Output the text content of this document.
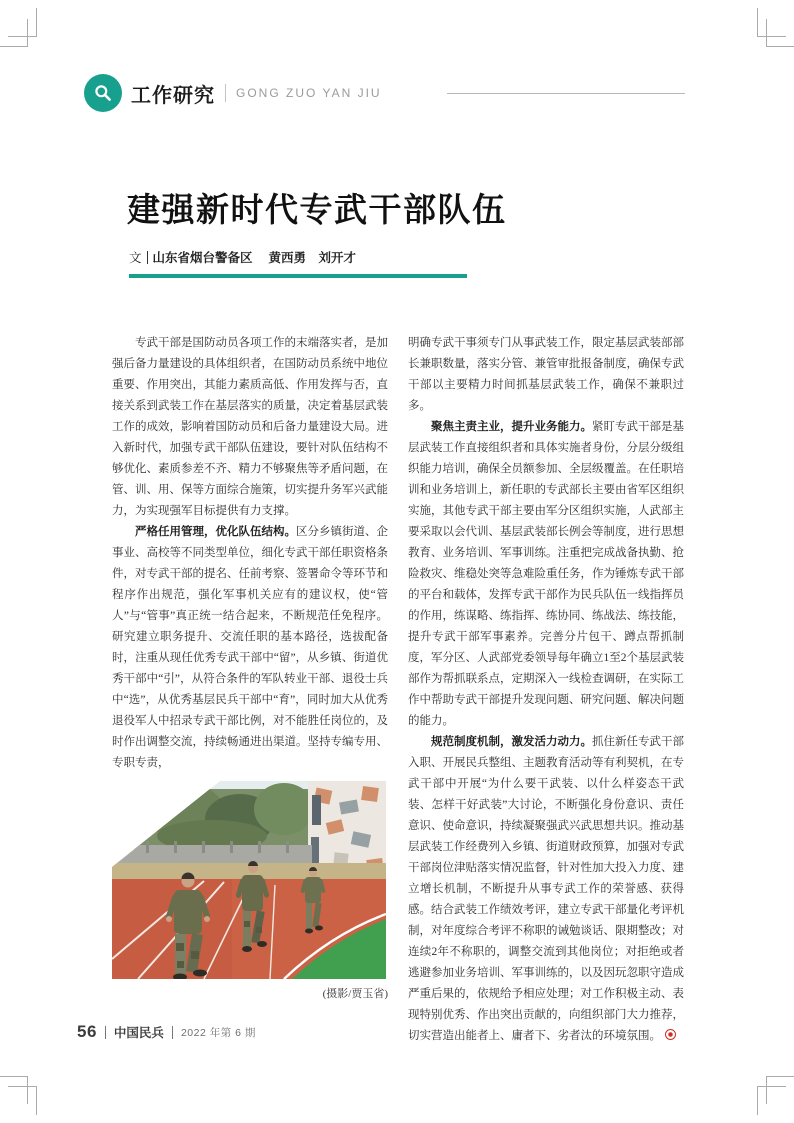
工作研究 GONG ZUO YAN JIU
建强新时代专武干部队伍
文 山东省烟台警备区 黄西勇　刘开才

专武干部是国防动员各项工作的末端落实者，是加强后备力量建设的具体组织者，在国防动员系统中地位重要、作用突出，其能力素质高低、作用发挥与否，直接关系到武装工作在基层落实的质量，决定着基层武装工作的成效，影响着国防动员和后备力量建设大局。进入新时代，加强专武干部队伍建设，要针对队伍结构不够优化、素质参差不齐、精力不够聚焦等矛盾问题，在管、训、用、保等方面综合施策，切实提升务军兴武能力，为实现强军目标提供有力支撑。

严格任用管理，优化队伍结构。区分乡镇街道、企事业、高校等不同类型单位，细化专武干部任职资格条件，对专武干部的提名、任前考察、签署命令等环节和程序作出规范，强化军事机关应有的建议权，使“管人”与“管事”真正统一结合起来，不断规范任免程序。研究建立职务提升、交流任职的基本路径，选拔配备时，注重从现任优秀专武干部中“留”，从乡镇、街道优秀干部中“引”，从符合条件的军队转业干部、退役士兵中“选”，从优秀基层民兵干部中“育”，同时加大从优秀退役军人中招录专武干部比例，对不能胜任岗位的，及时作出调整交流，持续畅通进出渠道。坚持专编专用、专职专责，

(摄影/贾玉省)

明确专武干事须专门从事武装工作，限定基层武装部部长兼职数量，落实分管、兼管审批报备制度，确保专武干部以主要精力时间抓基层武装工作，确保不兼职过多。

聚焦主责主业，提升业务能力。紧盯专武干部是基层武装工作直接组织者和具体实施者身份，分层分级组织能力培训，确保全员额参加、全层级覆盖。在任职培训和业务培训上，新任职的专武部长主要由省军区组织实施，其他专武干部主要由军分区组织实施，人武部主要采取以会代训、基层武装部长例会等制度，进行思想教育、业务培训、军事训练。注重把完成战备执勤、抢险救灾、维稳处突等急难险重任务，作为锤炼专武干部的平台和载体，发挥专武干部作为民兵队伍一线指挥员的作用，练谋略、练指挥、练协同、练战法、练技能，提升专武干部军事素养。完善分片包干、蹲点帮抓制度，军分区、人武部党委领导每年确立1至2个基层武装部作为帮抓联系点，定期深入一线检查调研，在实际工作中帮助专武干部提升发现问题、研究问题、解决问题的能力。

规范制度机制，激发活力动力。抓住新任专武干部入职、开展民兵整组、主题教育活动等有利契机，在专武干部中开展“为什么要干武装、以什么样姿态干武装、怎样干好武装”大讨论，不断强化身份意识、责任意识、使命意识，持续凝聚强武兴武思想共识。推动基层武装工作经费列入乡镇、街道财政预算，加强对专武干部岗位津贴落实情况监督，针对性加大投入力度、建立增长机制，不断提升从事专武工作的荣誉感、获得感。结合武装工作绩效考评，建立专武干部量化考评机制，对年度综合考评不称职的诫勉谈话、限期整改；对连续2年不称职的，调整交流到其他岗位；对拒绝或者逃避参加业务培训、军事训练的，以及因玩忽职守造成严重后果的，依规给予相应处理；对工作积极主动、表现特别优秀、作出突出贡献的，向组织部门大力推荐，切实营造出能者上、庸者下、劣者汰的环境氛围。

56 中国民兵 2022 年第 6 期
